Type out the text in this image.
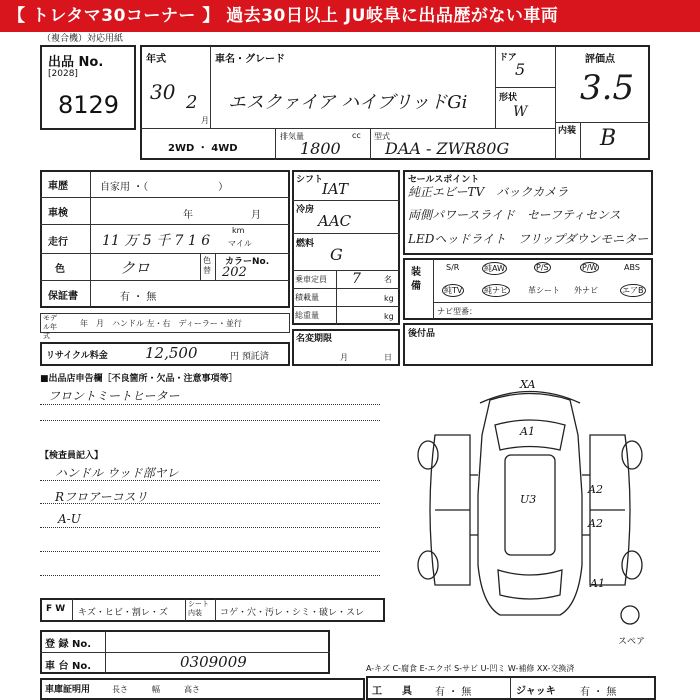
【 トレタマ30コーナー 】 過去30日以上 JU岐阜に出品歴がない車両
（複合機）対応用紙
出品 No.
[2028]
8129
年式
30 2
月
車名・グレード
エスクァイア ハイブリッドGi
ドア
5
形状
W
評価点
3.5
内装 B
2WD ・ 4WD
排気量	cc
1800
型式
DAA - ZWR80G
車歴	自家用 ・（　　　　　　　）
車検	年	月
走行 11 万 5 千 7 1 6
km
マイル
色	クロ	色替
カラーNo.
202
保証書	有 ・ 無
モデル年式
年　月　ハンドル 左・右　ディーラー・並行
リサイクル料金 12,500	円 預託済
シフト
IAT
冷房
AAC
燃料
G
乗車定員 7	名
積載量	kg
総重量	kg
名変期限
月	日
セールスポイント
純正エビーTV　バックカメラ
両側パワースライド　セーフティセンス
LEDヘッドライト　フリップダウンモニター
装備
S/R	純AW	P/S	P/W	ABS
純TV	純ナビ	革シート 外ナビ	エアB
ナビ型番：
後付品
■出品店申告欄［不良箇所・欠品・注意事項等］
フロントミートヒーター
【検査員記入】
ハンドル ウッド部ヤレ
Rフロアーコスリ
A-U
XA
A1
U3
A2
A2
A1
スペア
F W キズ・ヒビ・割レ・ズ
シート内装	コゲ・穴・汚レ・シミ・破レ・スレ
登 録 No.
車 台 No.	0309009
車庫証明用	長さ　　　幅　　　高さ
A-キズ C-腐食 E-エクボ S-サビ U-凹ミ W-補修 XX-交換済
工　　具 有 ・ 無	ジャッキ 有 ・ 無
